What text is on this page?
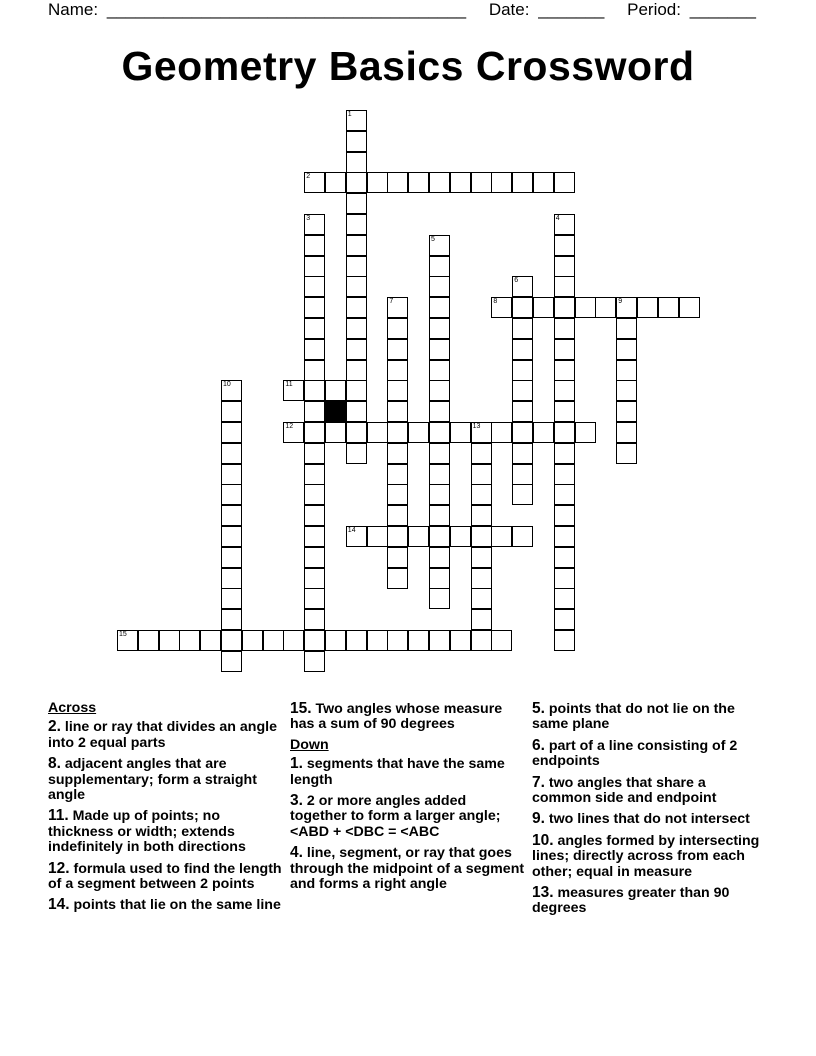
Name: ______________________________________ Date: _______ Period: _______
Geometry Basics Crossword
1
2
3	4
5
6
7	8	9
10	11
12	13
14
15
Across
2. line or ray that divides an angle into 2 equal parts
8. adjacent angles that are supplementary; form a straight angle
11. Made up of points; no thickness or width; extends indefinitely in both directions
12. formula used to find the length of a segment between 2 points
14. points that lie on the same line
15. Two angles whose measure has a sum of 90 degrees
Down
1. segments that have the same length
3. 2 or more angles added together to form a larger angle; <ABD + <DBC = <ABC
4. line, segment, or ray that goes through the midpoint of a segment and forms a right angle
5. points that do not lie on the same plane
6. part of a line consisting of 2 endpoints
7. two angles that share a common side and endpoint
9. two lines that do not intersect
10. angles formed by intersecting lines; directly across from each other; equal in measure
13. measures greater than 90 degrees
